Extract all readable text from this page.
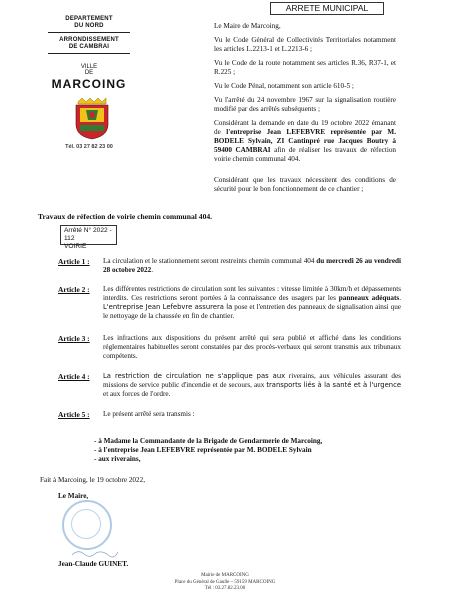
DEPARTEMENT
DU NORD
ARRONDISSEMENT
DE CAMBRAI
VILLE
DE
MARCOING
Tél. 03 27 82 23 00
ARRETE MUNICIPAL
Le Maire de Marcoing,
Vu le Code Général de Collectivités Territoriales notamment les articles L.2213-1 et L.2213-6 ;
Vu le Code de la route notamment ses articles R.36, R37-1, et R.225 ;
Vu le Code Pénal, notamment son article 610-5 ;
Vu l'arrêté du 24 novembre 1967 sur la signalisation routière modifié par des arrêtés subséquents ;
Considérant la demande en date du 19 octobre 2022 émanant de l'entreprise Jean LEFEBVRE représentée par M. BODELE Sylvain, ZI Cantinpré rue Jacques Boutry à 59400 CAMBRAI afin de réaliser les travaux de réfection voirie chemin communal 404.
Considérant que les travaux nécessitent des conditions de sécurité pour le bon fonctionnement de ce chantier ;
Travaux de réfection de voirie chemin communal 404.
Arrêté N° 2022 - 112
VOIRIE
Article 1 : La circulation et le stationnement seront restreints chemin communal 404 du mercredi 26 au vendredi 28 octobre 2022.
Article 2 : Les différentes restrictions de circulation sont les suivantes : vitesse limitée à 30km/h et dépassements interdits. Ces restrictions seront portées à la connaissance des usagers par les panneaux adéquats. L'entreprise Jean Lefebvre assurera la pose et l'entretien des panneaux de signalisation ainsi que le nettoyage de la chaussée en fin de chantier.
Article 3 : Les infractions aux dispositions du présent arrêté qui sera publié et affiché dans les conditions réglementaires habituelles seront constatées par des procès-verbaux qui seront transmis aux tribunaux compétents.
Article 4 : La restriction de circulation ne s'applique pas aux riverains, aux véhicules assurant des missions de service public d'incendie et de secours, aux transports liés à la santé et à l'urgence et aux forces de l'ordre.
Article 5 : Le présent arrêté sera transmis :
- à Madame la Commandante de la Brigade de Gendarmerie de Marcoing,
- à l'entreprise Jean LEFEBVRE représentée par M. BODELE Sylvain
- aux riverains,
Fait à Marcoing, le 19 octobre 2022,
Le Maire,
Jean-Claude GUINET.
Mairie de MARCOING
Place du Général de Gaulle – 59159 MARCOING
Tél : 03.27.82.23.00
